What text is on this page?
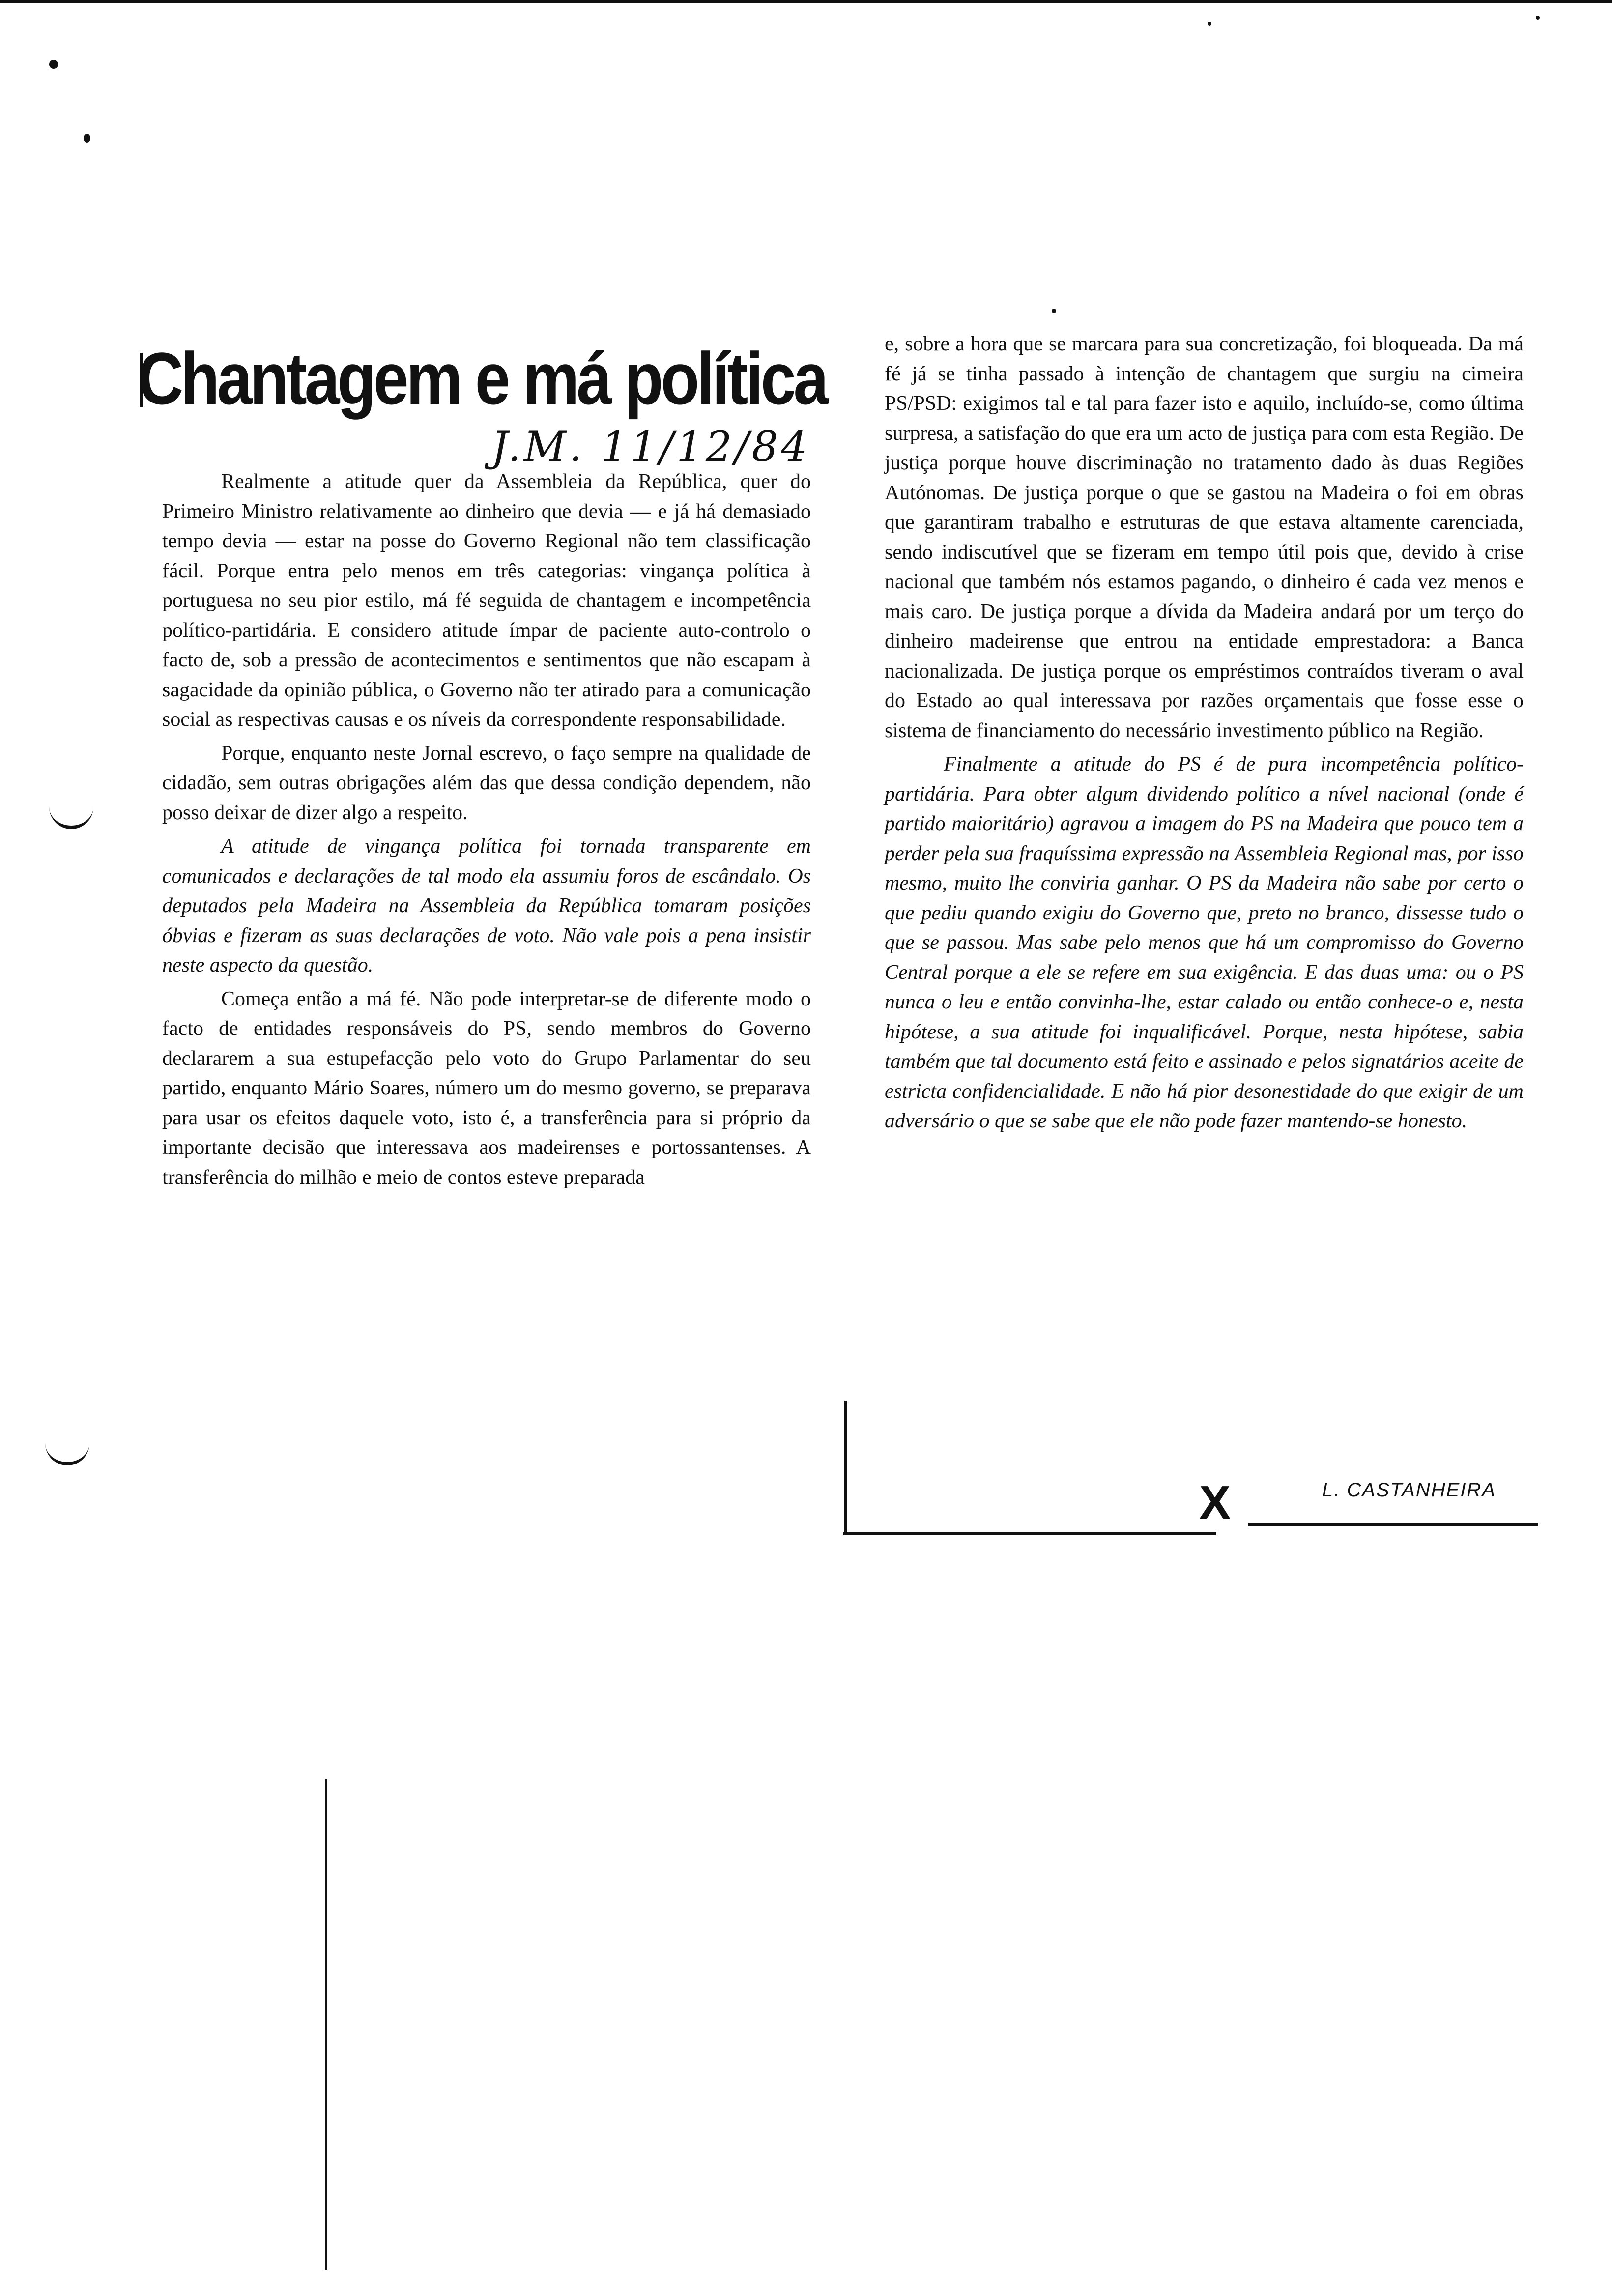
Chantagem e má política
J.M. 11/12/84

Realmente a atitude quer da Assembleia da República, quer do Primeiro Ministro relativamente ao dinheiro que devia — e já há demasiado tempo devia — estar na posse do Governo Regional não tem classificação fácil. Porque entra pelo menos em três categorias: vingança política à portuguesa no seu pior estilo, má fé seguida de chantagem e incompetência político-partidária. E considero atitude ímpar de paciente auto-controlo o facto de, sob a pressão de acontecimentos e sentimentos que não escapam à sagacidade da opinião pública, o Governo não ter atirado para a comunicação social as respectivas causas e os níveis da correspondente responsabilidade.

Porque, enquanto neste Jornal escrevo, o faço sempre na qualidade de cidadão, sem outras obrigações além das que dessa condição dependem, não posso deixar de dizer algo a respeito.

A atitude de vingança política foi tornada transparente em comunicados e declarações de tal modo ela assumiu foros de escândalo. Os deputados pela Madeira na Assembleia da República tomaram posições óbvias e fizeram as suas declarações de voto. Não vale pois a pena insistir neste aspecto da questão.

Começa então a má fé. Não pode interpretar-se de diferente modo o facto de entidades responsáveis do PS, sendo membros do Governo declararem a sua estupefacção pelo voto do Grupo Parlamentar do seu partido, enquanto Mário Soares, número um do mesmo governo, se preparava para usar os efeitos daquele voto, isto é, a transferência para si próprio da importante decisão que interessava aos madeirenses e portossantenses. A transferência do milhão e meio de contos esteve preparada

e, sobre a hora que se marcara para sua concretização, foi bloqueada. Da má fé já se tinha passado à intenção de chantagem que surgiu na cimeira PS/PSD: exigimos tal e tal para fazer isto e aquilo, incluído-se, como última surpresa, a satisfação do que era um acto de justiça para com esta Região. De justiça porque houve discriminação no tratamento dado às duas Regiões Autónomas. De justiça porque o que se gastou na Madeira o foi em obras que garantiram trabalho e estruturas de que estava altamente carenciada, sendo indiscutível que se fizeram em tempo útil pois que, devido à crise nacional que também nós estamos pagando, o dinheiro é cada vez menos e mais caro. De justiça porque a dívida da Madeira andará por um terço do dinheiro madeirense que entrou na entidade emprestadora: a Banca nacionalizada. De justiça porque os empréstimos contraídos tiveram o aval do Estado ao qual interessava por razões orçamentais que fosse esse o sistema de financiamento do necessário investimento público na Região.

Finalmente a atitude do PS é de pura incompetência político-partidária. Para obter algum dividendo político a nível nacional (onde é partido maioritário) agravou a imagem do PS na Madeira que pouco tem a perder pela sua fraquíssima expressão na Assembleia Regional mas, por isso mesmo, muito lhe conviria ganhar. O PS da Madeira não sabe por certo o que pediu quando exigiu do Governo que, preto no branco, dissesse tudo o que se passou. Mas sabe pelo menos que há um compromisso do Governo Central porque a ele se refere em sua exigência. E das duas uma: ou o PS nunca o leu e então convinha-lhe, estar calado ou então conhece-o e, nesta hipótese, a sua atitude foi inqualificável. Porque, nesta hipótese, sabia também que tal documento está feito e assinado e pelos signatários aceite de estricta confidencialidade. E não há pior desonestidade do que exigir de um adversário o que se sabe que ele não pode fazer mantendo-se honesto.

X	L. CASTANHEIRA
